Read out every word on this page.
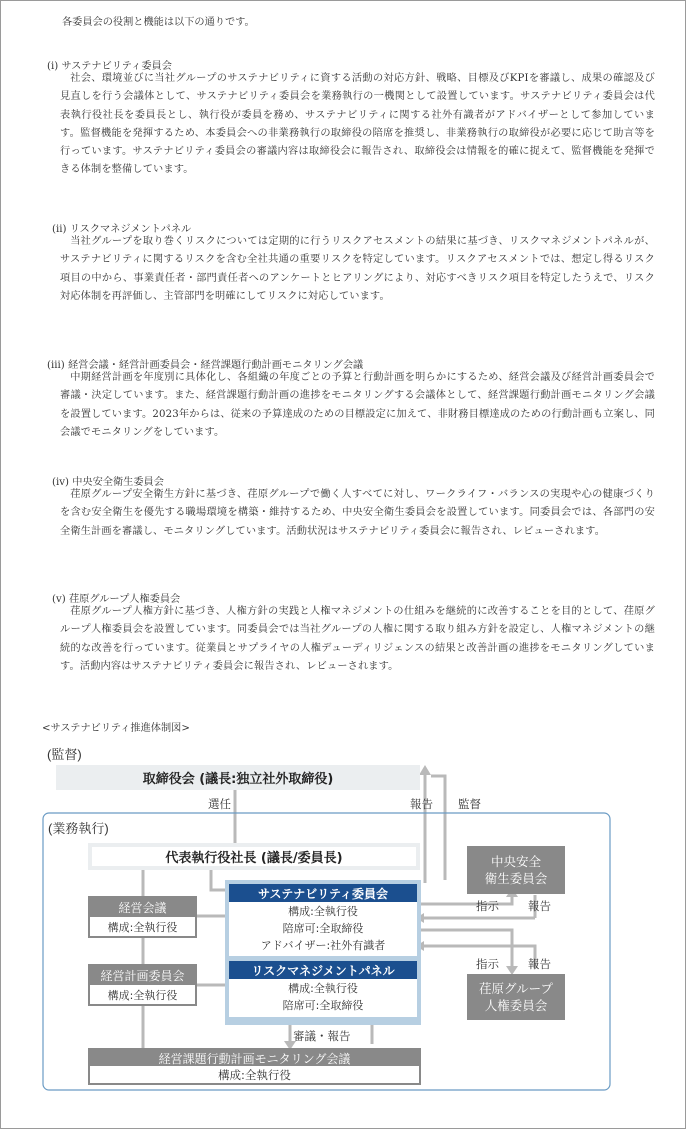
各委員会の役割と機能は以下の通りです。
(i) サステナビリティ委員会

社会、環境並びに当社グループのサステナビリティに資する活動の対応方針、戦略、目標及びKPIを審議し、成果の確認及び見直しを行う会議体として、サステナビリティ委員会を業務執行の一機関として設置しています。サステナビリティ委員会は代表執行役社長を委員長とし、執行役が委員を務め、サステナビリティに関する社外有識者がアドバイザーとして参加しています。監督機能を発揮するため、本委員会への非業務執行の取締役の陪席を推奨し、非業務執行の取締役が必要に応じて助言等を行っています。サステナビリティ委員会の審議内容は取締役会に報告され、取締役会は情報を的確に捉えて、監督機能を発揮できる体制を整備しています。

(ii) リスクマネジメントパネル

当社グループを取り巻くリスクについては定期的に行うリスクアセスメントの結果に基づき、リスクマネジメントパネルが、サステナビリティに関するリスクを含む全社共通の重要リスクを特定しています。リスクアセスメントでは、想定し得るリスク項目の中から、事業責任者・部門責任者へのアンケートとヒアリングにより、対応すべきリスク項目を特定したうえで、リスク対応体制を再評価し、主管部門を明確にしてリスクに対応しています。

(iii) 経営会議・経営計画委員会・経営課題行動計画モニタリング会議

中期経営計画を年度別に具体化し、各組織の年度ごとの予算と行動計画を明らかにするため、経営会議及び経営計画委員会で審議・決定しています。また、経営課題行動計画の進捗をモニタリングする会議体として、経営課題行動計画モニタリング会議を設置しています。2023年からは、従来の予算達成のための目標設定に加えて、非財務目標達成のための行動計画も立案し、同会議でモニタリングをしています。

(iv) 中央安全衛生委員会

荏原グループ安全衛生方針に基づき、荏原グループで働く人すべてに対し、ワークライフ・バランスの実現や心の健康づくりを含む安全衛生を優先する職場環境を構築・維持するため、中央安全衛生委員会を設置しています。同委員会では、各部門の安全衛生計画を審議し、モニタリングしています。活動状況はサステナビリティ委員会に報告され、レビューされます。

(v) 荏原グループ人権委員会

荏原グループ人権方針に基づき、人権方針の実践と人権マネジメントの仕組みを継続的に改善することを目的として、荏原グループ人権委員会を設置しています。同委員会では当社グループの人権に関する取り組み方針を設定し、人権マネジメントの継続的な改善を行っています。従業員とサプライヤの人権デューディリジェンスの結果と改善計画の進捗をモニタリングしています。活動内容はサステナビリティ委員会に報告され、レビューされます。

<サステナビリティ推進体制図>
(監督)
取締役会 (議長:独立社外取締役)
選任	報告 監督
(業務執行)
代表執行役社長 (議長/委員長)
経営会議
構成:全執行役
経営計画委員会
構成:全執行役
サステナビリティ委員会
構成:全執行役
陪席可:全取締役
アドバイザー:社外有識者
リスクマネジメントパネル
構成:全執行役
陪席可:全取締役
中央安全
衛生委員会
指示	報告
指示	報告
荏原グループ
人権委員会
審議・報告
経営課題行動計画モニタリング会議
構成:全執行役
